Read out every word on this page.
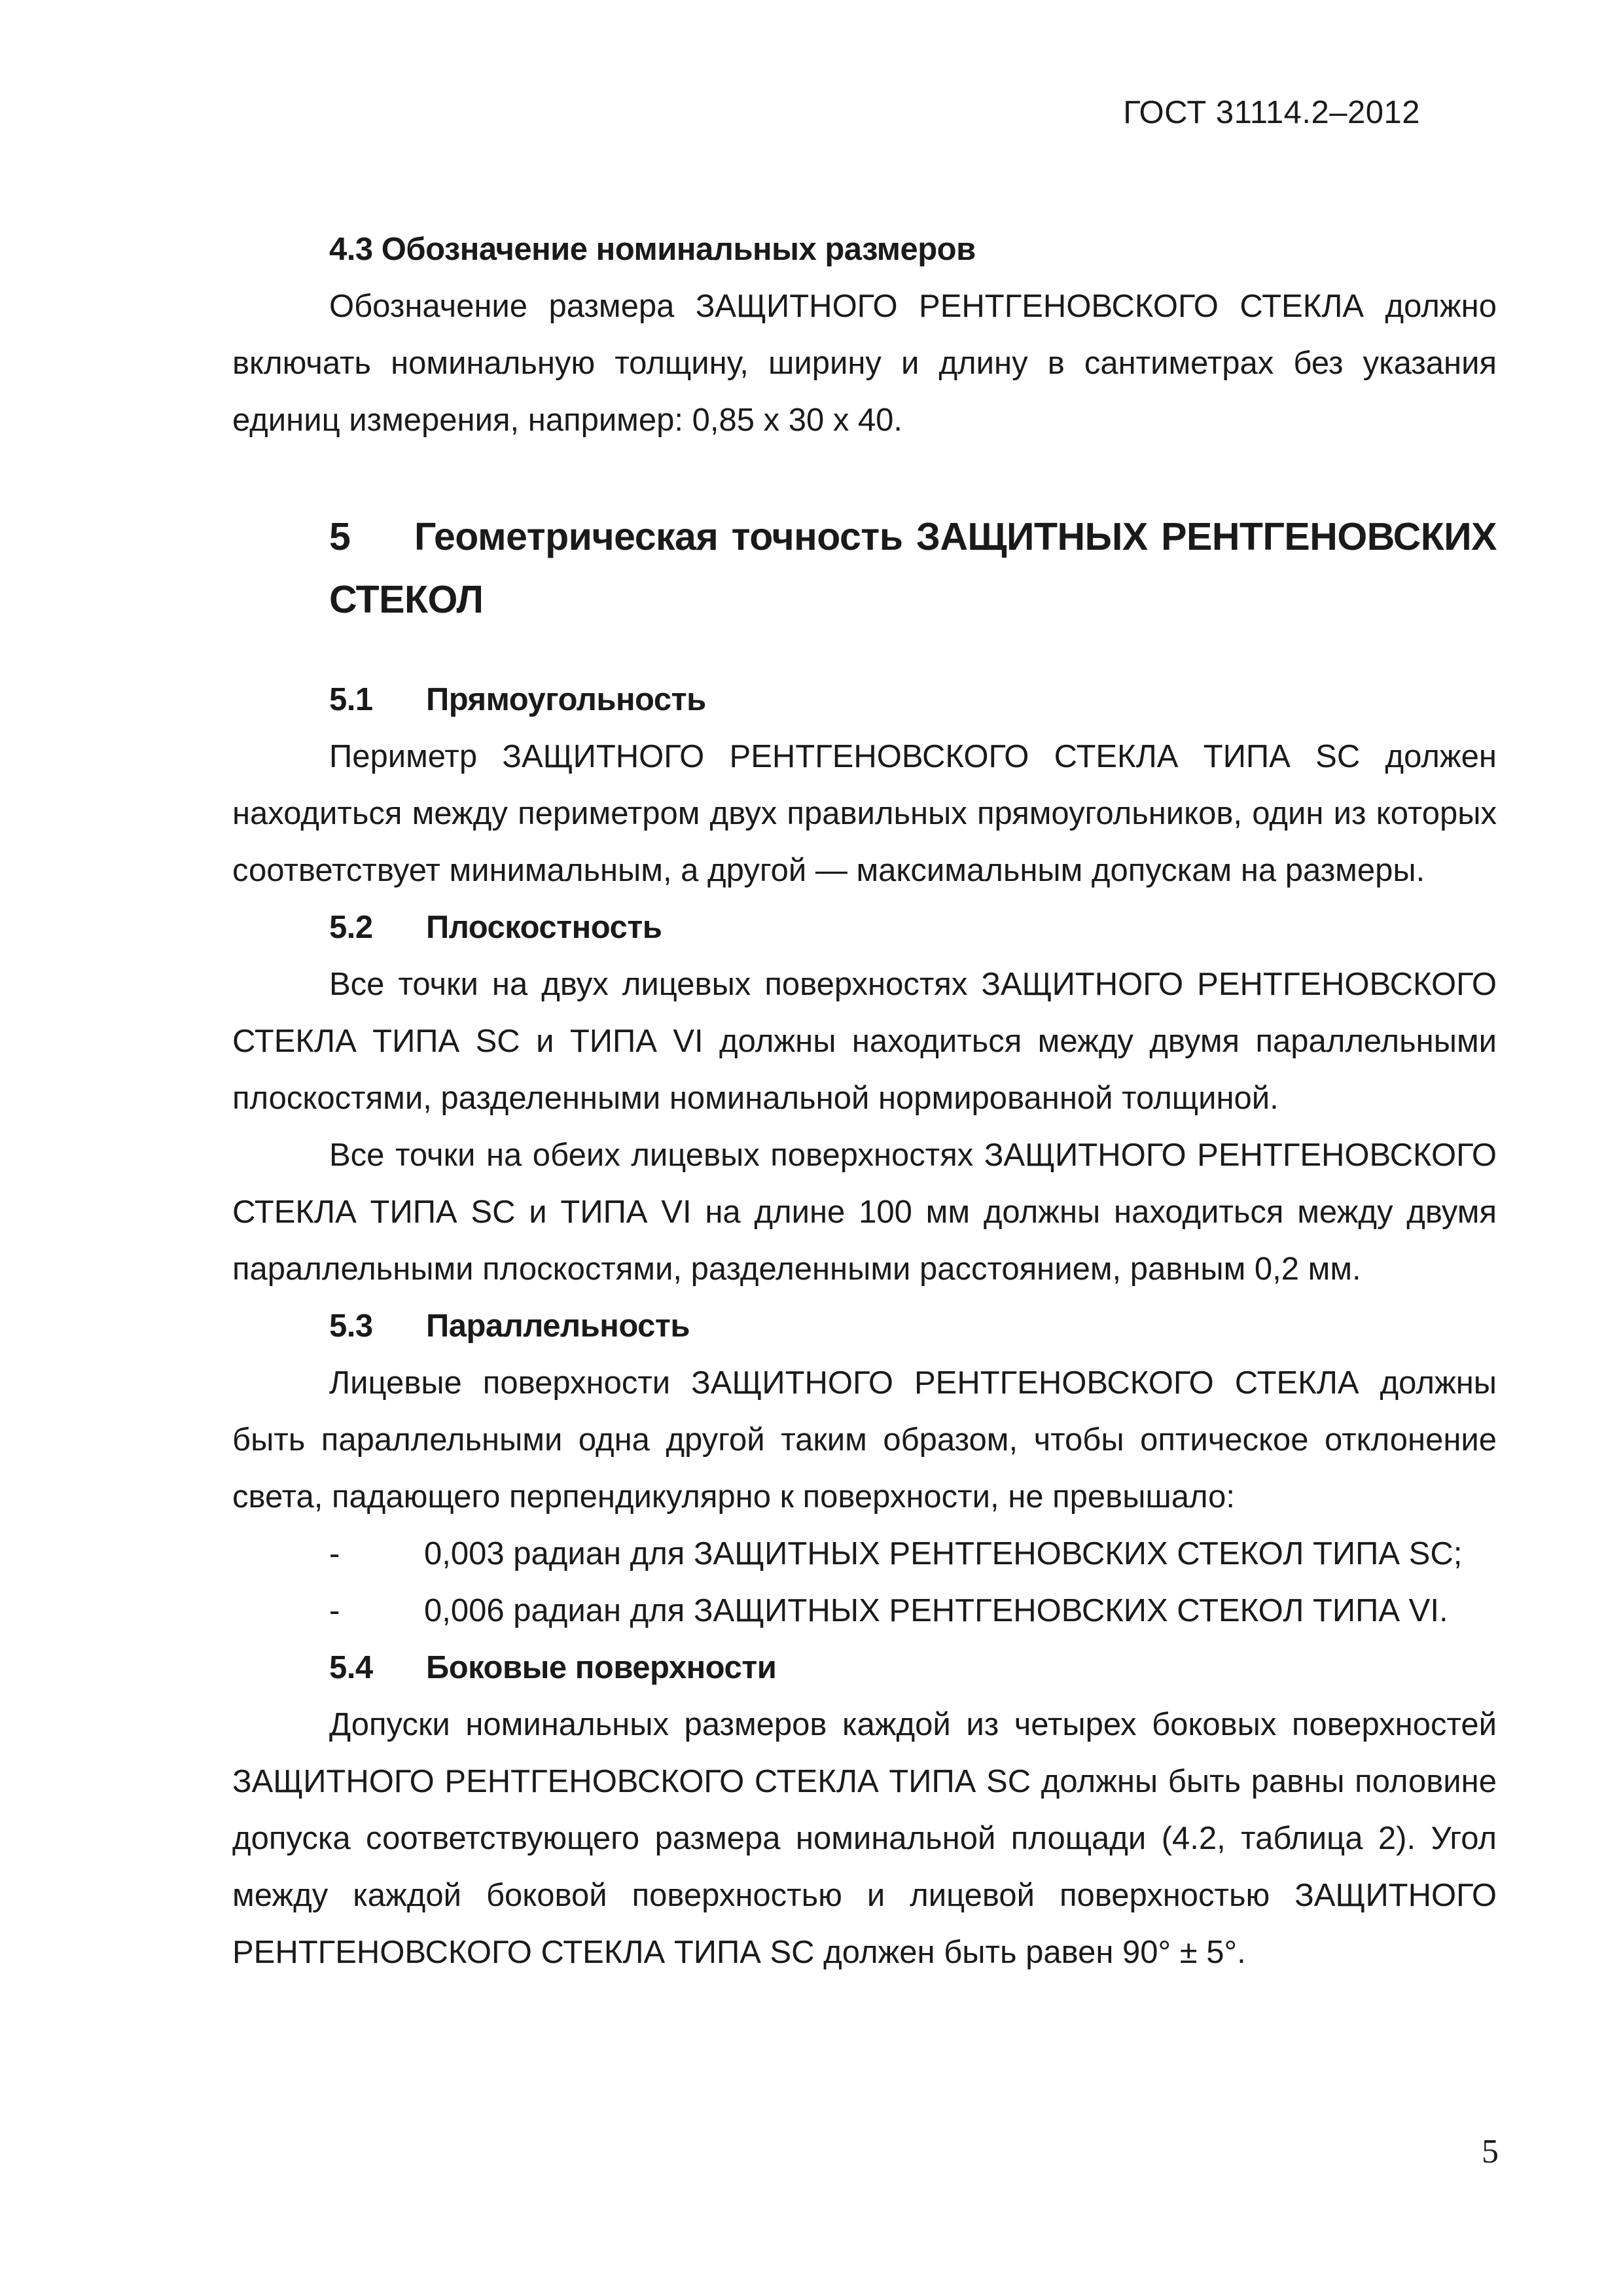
ГОСТ 31114.2–2012

4.3 Обозначение номинальных размеров

Обозначение размера ЗАЩИТНОГО РЕНТГЕНОВСКОГО СТЕКЛА должно включать номинальную толщину, ширину и длину в сантиметрах без указания единиц измерения, например: 0,85 x 30 x 40.

5 Геометрическая точность ЗАЩИТНЫХ РЕНТГЕНОВСКИХ
СТЕКОЛ

5.1 Прямоугольность

Периметр ЗАЩИТНОГО РЕНТГЕНОВСКОГО СТЕКЛА ТИПА SC должен находиться между периметром двух правильных прямоугольников, один из которых соответствует минимальным, а другой — максимальным допускам на размеры.

5.2 Плоскостность

Все точки на двух лицевых поверхностях ЗАЩИТНОГО РЕНТГЕНОВСКОГО СТЕКЛА ТИПА SC и ТИПА VI должны находиться между двумя параллельными плоскостями, разделенными номинальной нормированной толщиной.

Все точки на обеих лицевых поверхностях ЗАЩИТНОГО РЕНТГЕНОВСКОГО СТЕКЛА ТИПА SC и ТИПА VI на длине 100 мм должны находиться между двумя параллельными плоскостями, разделенными расстоянием, равным 0,2 мм.

5.3 Параллельность

Лицевые поверхности ЗАЩИТНОГО РЕНТГЕНОВСКОГО СТЕКЛА должны быть параллельными одна другой таким образом, чтобы оптическое отклонение света, падающего перпендикулярно к поверхности, не превышало:

-	0,003 радиан для ЗАЩИТНЫХ РЕНТГЕНОВСКИХ СТЕКОЛ ТИПА SC;

-	0,006 радиан для ЗАЩИТНЫХ РЕНТГЕНОВСКИХ СТЕКОЛ ТИПА VI.

5.4 Боковые поверхности

Допуски номинальных размеров каждой из четырех боковых поверхностей ЗАЩИТНОГО РЕНТГЕНОВСКОГО СТЕКЛА ТИПА SC должны быть равны половине допуска соответствующего размера номинальной площади (4.2, таблица 2). Угол между каждой боковой поверхностью и лицевой поверхностью ЗАЩИТНОГО РЕНТГЕНОВСКОГО СТЕКЛА ТИПА SC должен быть равен 90° ± 5°.

5
